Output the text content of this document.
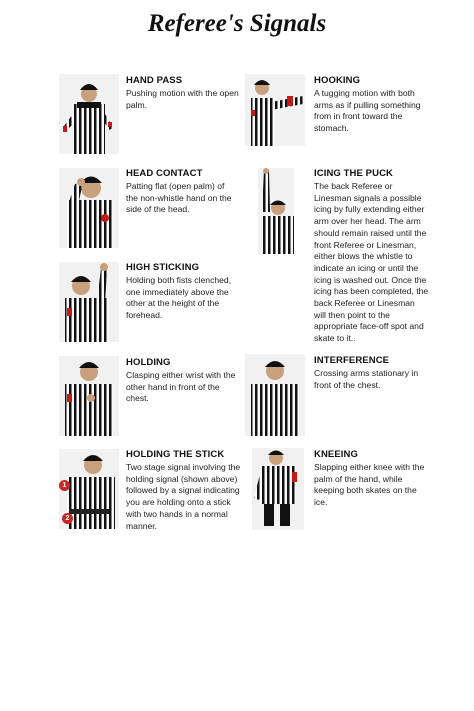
Referee's Signals
HAND PASS

Pushing motion with the open palm.

HOOKING

A tugging motion with both arms as if pulling something from in front toward the stomach.

HEAD CONTACT

Patting flat (open palm) of the non-whistle hand on the side of the head.

ICING THE PUCK

The back Referee or Linesman signals a possible icing by fully extending either arm over her head. The arm should remain raised until the front Referee or Linesman, either blows the whistle to indicate an icing or until the icing is washed out. Once the icing has been completed, the back Referee or Linesman will then point to the appropriate face-off spot and skate to it..

HIGH STICKING

Holding both fists clenched, one immediately above the other at the height of the forehead.

HOLDING

Clasping either wrist with the other hand in front of the chest.

INTERFERENCE

Crossing arms stationary in front of the chest.

1
2
HOLDING THE STICK

Two stage signal involving the holding signal (shown above) followed by a signal indicating you are holding onto a stick with two hands in a normal manner.

KNEEING

Slapping either knee with the palm of the hand, while keeping both skates on the ice.
